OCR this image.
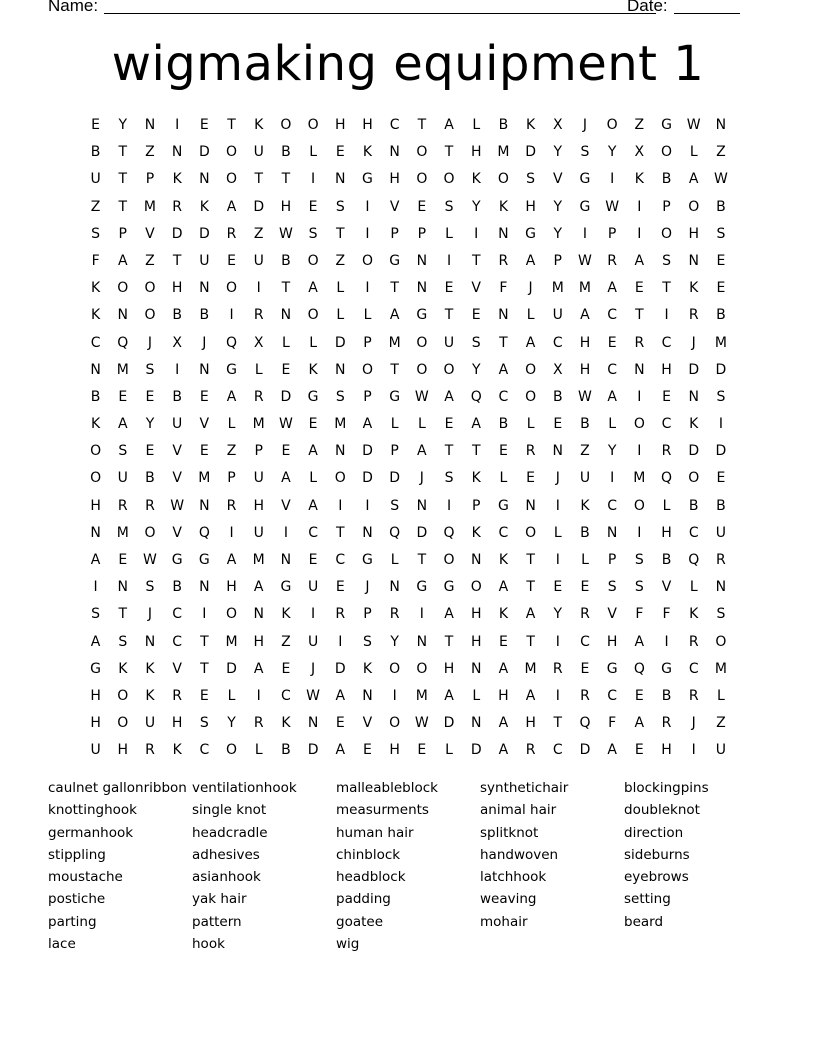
Name:	Date:
wigmaking equipment 1
E	Y	N	I	E	T	K	O	O	H	H	C	T	A	L	B	K	X	J	O	Z	G	W	N
B	T	Z	N	D	O	U	B	L	E	K	N	O	T	H	M	D	Y	S	Y	X	O	L	Z
U	T	P	K	N	O	T	T	I	N	G	H	O	O	K	O	S	V	G	I	K	B	A	W
Z	T	M	R	K	A	D	H	E	S	I	V	E	S	Y	K	H	Y	G	W	I	P	O	B
S	P	V	D	D	R	Z	W	S	T	I	P	P	L	I	N	G	Y	I	P	I	O	H	S
F	A	Z	T	U	E	U	B	O	Z	O	G	N	I	T	R	A	P	W	R	A	S	N	E
K	O	O	H	N	O	I	T	A	L	I	T	N	E	V	F	J	M	M	A	E	T	K	E
K	N	O	B	B	I	R	N	O	L	L	A	G	T	E	N	L	U	A	C	T	I	R	B
C	Q	J	X	J	Q	X	L	L	D	P	M	O	U	S	T	A	C	H	E	R	C	J	M
N	M	S	I	N	G	L	E	K	N	O	T	O	O	Y	A	O	X	H	C	N	H	D	D
B	E	E	B	E	A	R	D	G	S	P	G	W	A	Q	C	O	B	W	A	I	E	N	S
K	A	Y	U	V	L	M	W	E	M	A	L	L	E	A	B	L	E	B	L	O	C	K	I
O	S	E	V	E	Z	P	E	A	N	D	P	A	T	T	E	R	N	Z	Y	I	R	D	D
O	U	B	V	M	P	U	A	L	O	D	D	J	S	K	L	E	J	U	I	M	Q	O	E
H	R	R	W	N	R	H	V	A	I	I	S	N	I	P	G	N	I	K	C	O	L	B	B
N	M	O	V	Q	I	U	I	C	T	N	Q	D	Q	K	C	O	L	B	N	I	H	C	U
A	E	W	G	G	A	M	N	E	C	G	L	T	O	N	K	T	I	L	P	S	B	Q	R
I	N	S	B	N	H	A	G	U	E	J	N	G	G	O	A	T	E	E	S	S	V	L	N
S	T	J	C	I	O	N	K	I	R	P	R	I	A	H	K	A	Y	R	V	F	F	K	S
A	S	N	C	T	M	H	Z	U	I	S	Y	N	T	H	E	T	I	C	H	A	I	R	O
G	K	K	V	T	D	A	E	J	D	K	O	O	H	N	A	M	R	E	G	Q	G	C	M
H	O	K	R	E	L	I	C	W	A	N	I	M	A	L	H	A	I	R	C	E	B	R	L
H	O	U	H	S	Y	R	K	N	E	V	O	W	D	N	A	H	T	Q	F	A	R	J	Z
U	H	R	K	C	O	L	B	D	A	E	H	E	L	D	A	R	C	D	A	E	H	I	U
caulnet gallonribbon
knottinghook
germanhook
stippling
moustache
postiche
parting
lace
ventilationhook
single knot
headcradle
adhesives
asianhook
yak hair
pattern
hook
malleableblock
measurments
human hair
chinblock
headblock
padding
goatee
wig
synthetichair
animal hair
splitknot
handwoven
latchhook
weaving
mohair
blockingpins
doubleknot
direction
sideburns
eyebrows
setting
beard
